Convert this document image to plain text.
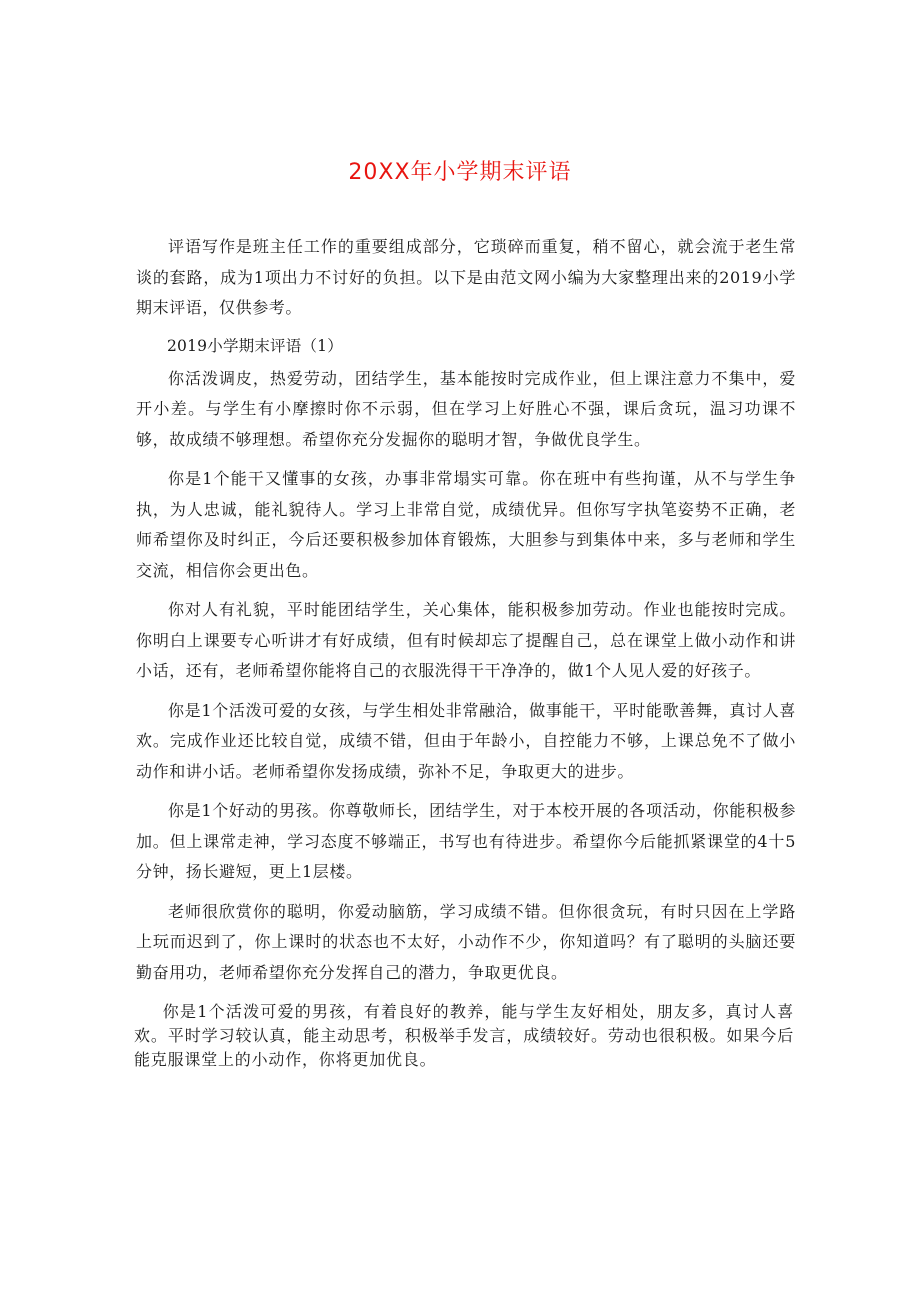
20XX年小学期末评语

评语写作是班主任工作的重要组成部分，它琐碎而重复，稍不留心，就会流于老生常谈的套路，成为1项出力不讨好的负担。以下是由范文网小编为大家整理出来的2019小学期末评语，仅供参考。

2019小学期末评语（1）

你活泼调皮，热爱劳动，团结学生，基本能按时完成作业，但上课注意力不集中，爱开小差。与学生有小摩擦时你不示弱，但在学习上好胜心不强，课后贪玩，温习功课不够，故成绩不够理想。希望你充分发掘你的聪明才智，争做优良学生。

你是1个能干又懂事的女孩，办事非常塌实可靠。你在班中有些拘谨，从不与学生争执，为人忠诚，能礼貌待人。学习上非常自觉，成绩优异。但你写字执笔姿势不正确，老师希望你及时纠正，今后还要积极参加体育锻炼，大胆参与到集体中来，多与老师和学生交流，相信你会更出色。

你对人有礼貌，平时能团结学生，关心集体，能积极参加劳动。作业也能按时完成。你明白上课要专心听讲才有好成绩，但有时候却忘了提醒自己，总在课堂上做小动作和讲小话，还有，老师希望你能将自己的衣服洗得干干净净的，做1个人见人爱的好孩子。

你是1个活泼可爱的女孩，与学生相处非常融洽，做事能干，平时能歌善舞，真讨人喜欢。完成作业还比较自觉，成绩不错，但由于年龄小，自控能力不够，上课总免不了做小动作和讲小话。老师希望你发扬成绩，弥补不足，争取更大的进步。

你是1个好动的男孩。你尊敬师长，团结学生，对于本校开展的各项活动，你能积极参加。但上课常走神，学习态度不够端正，书写也有待进步。希望你今后能抓紧课堂的4十5分钟，扬长避短，更上1层楼。

老师很欣赏你的聪明，你爱动脑筋，学习成绩不错。但你很贪玩，有时只因在上学路上玩而迟到了，你上课时的状态也不太好，小动作不少，你知道吗？有了聪明的头脑还要勤奋用功，老师希望你充分发挥自己的潜力，争取更优良。

你是1个活泼可爱的男孩，有着良好的教养，能与学生友好相处，朋友多，真讨人喜欢。平时学习较认真，能主动思考，积极举手发言，成绩较好。劳动也很积极。如果今后能克服课堂上的小动作，你将更加优良。
